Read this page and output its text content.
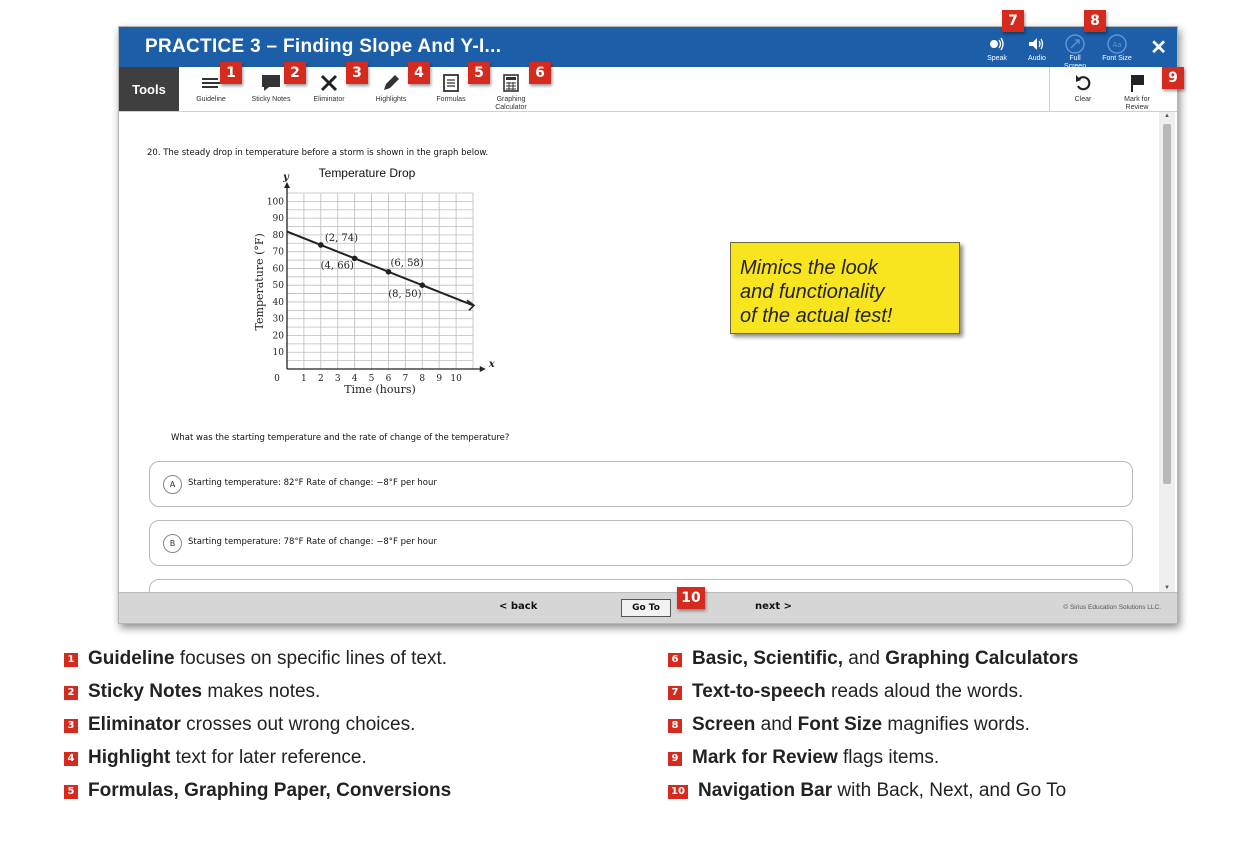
PRACTICE 3 – Finding Slope And Y-I...
Speak	Audio	Full
Aa
Font Size ✕
Tools
Guideline	Sticky Notes	Eliminator	Highlights	Formulas	Graphing Calculator
Clear	Mark for Review
20. The steady drop in temperature before a storm is shown in the graph below.
0 1 2 3 4 5 6 7 8 9 10
10
20
30
40
50
60
70
80
90
100
x
y Temperature Drop
Time (hours)
Temperature (°F)	(2, 74)
(4, 66)	(6, 58)
(8, 50)
Mimics the look
and functionality
of the actual test!
What was the starting temperature and the rate of change of the temperature?
A	Starting temperature: 82°F Rate of change: −8°F per hour
B	Starting temperature: 78°F Rate of change: −8°F per hour
▲
▼
< back	Go To	next >	© Sirius Education Solutions LLC.
1	2	3	4	5	6
7	8
9
10
1 Guideline focuses on specific lines of text.
2 Sticky Notes makes notes.
3 Eliminator crosses out wrong choices.
4 Highlight text for later reference.
5 Formulas, Graphing Paper, Conversions
6 Basic, Scientific, and Graphing Calculators
7 Text-to-speech reads aloud the words.
8 Screen and Font Size magnifies words.
9 Mark for Review flags items.
10 Navigation Bar with Back, Next, and Go To
